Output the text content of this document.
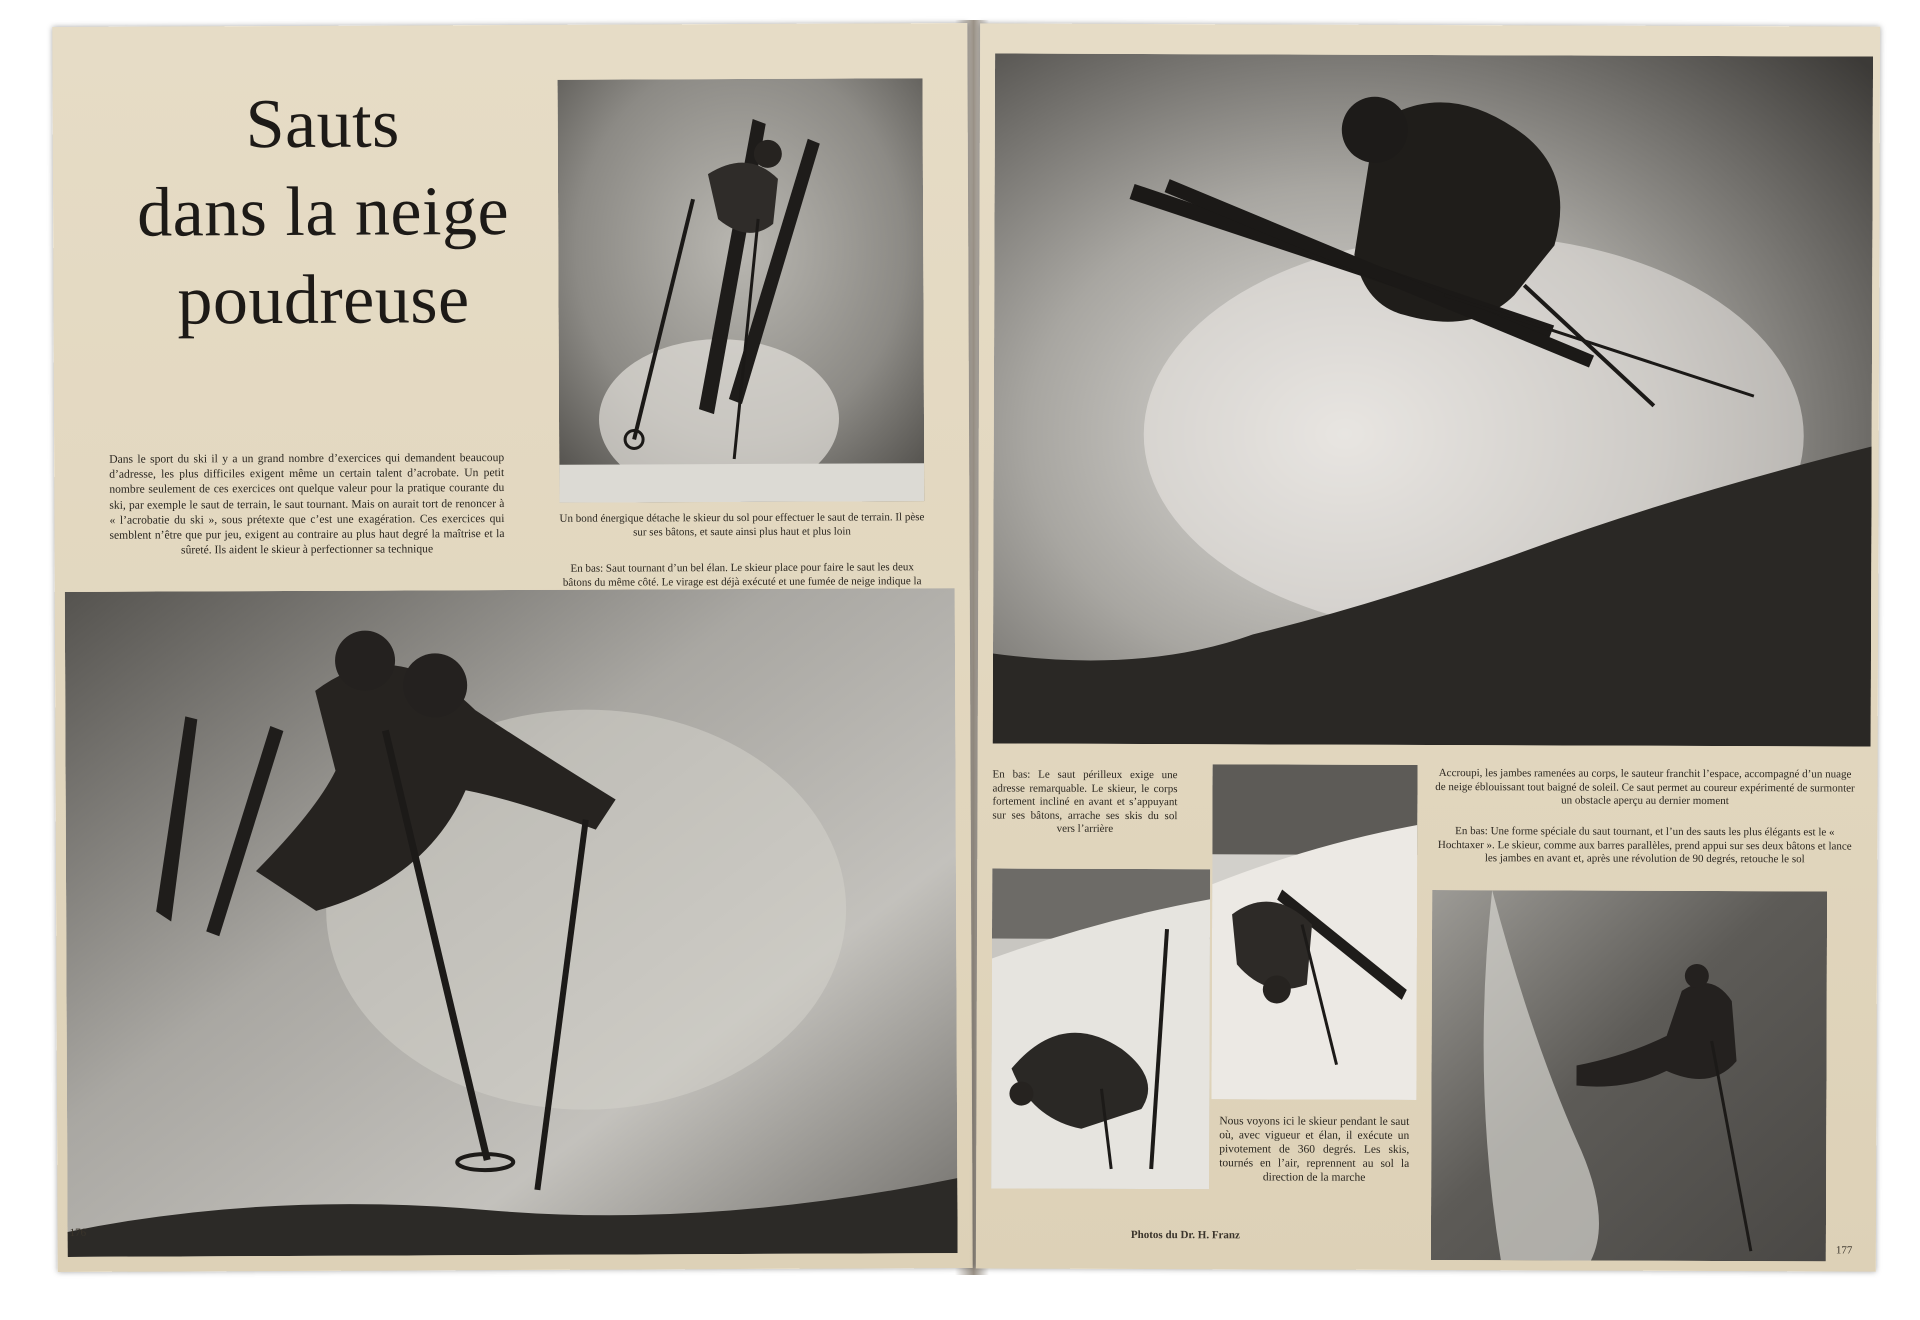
Sauts
dans la neige
poudreuse
Dans le sport du ski il y a un grand nombre d’exercices qui demandent beaucoup d’adresse, les plus difficiles exigent même un certain talent d’acrobate. Un petit nombre seulement de ces exercices ont quelque valeur pour la pratique courante du ski, par exemple le saut de terrain, le saut tournant. Mais on aurait tort de renoncer à « l’acrobatie du ski », sous prétexte que c’est une exagération. Ces exercices qui semblent n’être que pur jeu, exigent au contraire au plus haut degré la maîtrise et la sûreté. Ils aident le skieur à perfectionner sa technique
Un bond énergique détache le skieur du sol pour effectuer le saut de terrain. Il pèse sur ses bâtons, et saute ainsi plus haut et plus loin
En bas: Saut tournant d’un bel élan. Le skieur place pour faire le saut les deux bâtons du même côté. Le virage est déjà exécuté et une fumée de neige indique la
176
En bas: Le saut périlleux exige une adresse remarquable. Le skieur, le corps fortement incliné en avant et s’appuyant sur ses bâtons, arrache ses skis du sol vers l’arrière
Nous voyons ici le skieur pendant le saut où, avec vigueur et élan, il exécute un pivotement de 360 degrés. Les skis, tournés en l’air, reprennent au sol la direction de la marche
Accroupi, les jambes ramenées au corps, le sauteur franchit l’espace, accompagné d’un nuage de neige éblouissant tout baigné de soleil. Ce saut permet au coureur expérimenté de surmonter un obstacle aperçu au dernier moment
En bas: Une forme spéciale du saut tournant, et l’un des sauts les plus élégants est le « Hochtaxer ». Le skieur, comme aux barres parallèles, prend appui sur ses deux bâtons et lance les jambes en avant et, après une révolution de 90 degrés, retouche le sol
Photos du Dr. H. Franz
177
